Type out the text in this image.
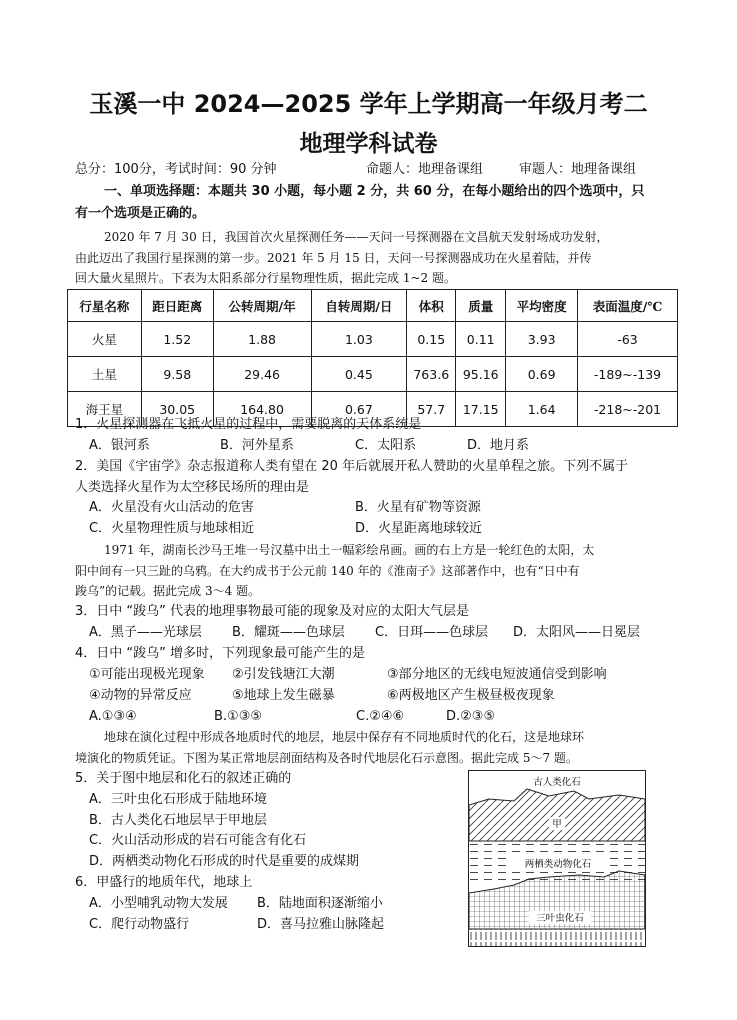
玉溪一中 2024—2025 学年上学期高一年级月考二
地理学科试卷
总分：100分，考试时间：90 分钟	命题人：地理备课组	审题人：地理备课组
一、单项选择题：本题共 30 小题，每小题 2 分，共 60 分，在每小题给出的四个选项中，只
有一个选项是正确的。
2020 年 7 月 30 日，我国首次火星探测任务——天问一号探测器在文昌航天发射场成功发射，
由此迈出了我国行星探测的第一步。2021 年 5 月 15 日，天问一号探测器成功在火星着陆，并传
回大量火星照片。下表为太阳系部分行星物理性质，据此完成 1~2 题。
行星名称	距日距离	公转周期/年	自转周期/日	体积	质量	平均密度	表面温度/℃
火星	1.52	1.88	1.03	0.15	0.11	3.93	-63
土星	9.58	29.46	0.45	763.6	95.16	0.69	-189~-139
海王星	30.05	164.80	0.67	57.7	17.15	1.64	-218~-201
1．火星探测器在飞抵火星的过程中，需要脱离的天体系统是
A．银河系	B．河外星系	C．太阳系	D．地月系
2．美国《宇宙学》杂志报道称人类有望在 20 年后就展开私人赞助的火星单程之旅。下列不属于
人类选择火星作为太空移民场所的理由是
A．火星没有火山活动的危害	B．火星有矿物等资源
C．火星物理性质与地球相近	D．火星距离地球较近
1971 年，湖南长沙马王堆一号汉墓中出土一幅彩绘帛画。画的右上方是一轮红色的太阳，太
阳中间有一只三趾的乌鸦。在大约成书于公元前 140 年的《淮南子》这部著作中，也有“日中有
踆乌”的记载。据此完成 3～4 题。
3．日中 “踆乌” 代表的地理事物最可能的现象及对应的太阳大气层是
A．黑子——光球层 B．耀斑——色球层 C．日珥——色球层 D．太阳风——日冕层
4．日中 “踆乌” 增多时，下列现象最可能产生的是
①可能出现极光现象 ②引发钱塘江大潮	③部分地区的无线电短波通信受到影响
④动物的异常反应	⑤地球上发生磁暴	⑥两极地区产生极昼极夜现象
A.①③④	B.①③⑤	C.②④⑥	D.②③⑤
地球在演化过程中形成各地质时代的地层，地层中保存有不同地质时代的化石，这是地球环
境演化的物质凭证。下图为某正常地层剖面结构及各时代地层化石示意图。据此完成 5～7 题。
5．关于图中地层和化石的叙述正确的
A．三叶虫化石形成于陆地环境
B．古人类化石地层早于甲地层
C．火山活动形成的岩石可能含有化石
D．两栖类动物化石形成的时代是重要的成煤期
6．甲盛行的地质年代，地球上
A．小型哺乳动物大发展 B．陆地面积逐渐缩小
C．爬行动物盛行	D．喜马拉雅山脉隆起
古人类化石
甲
两栖类动物化石
三叶虫化石
